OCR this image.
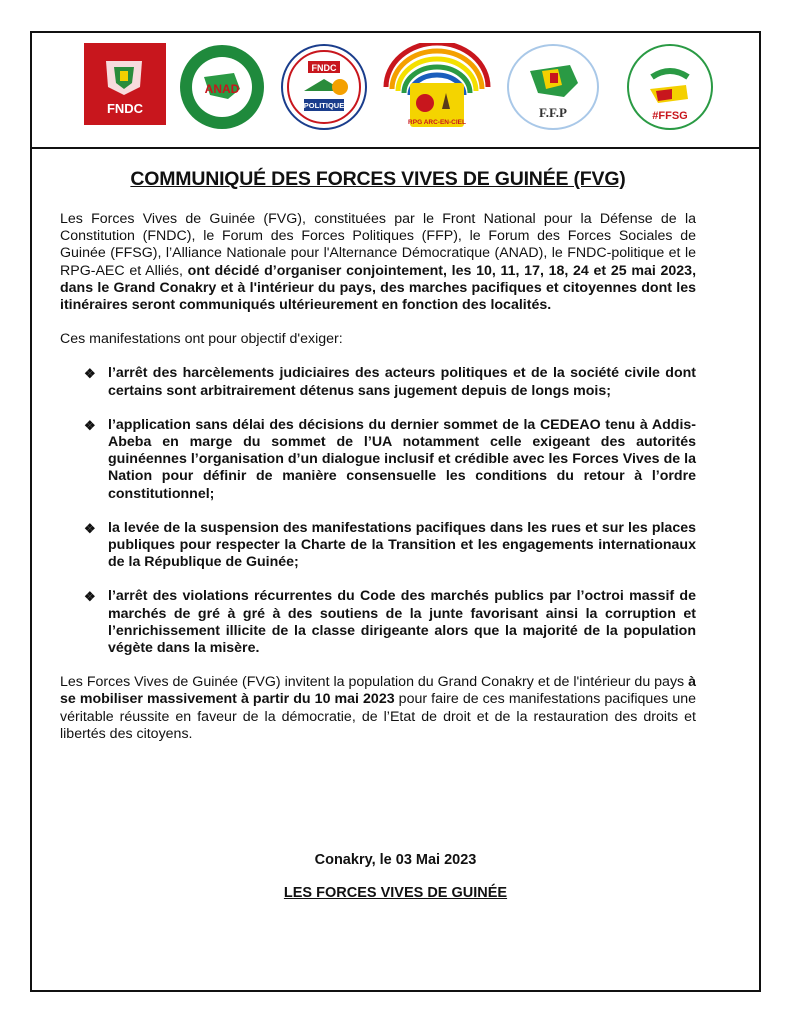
FNDC
ANAD
FNDC
POLITIQUE
RPG ARC-EN-CIEL
F.F.P	#FFSG
COMMUNIQUÉ DES FORCES VIVES DE GUINÉE (FVG)

Les Forces Vives de Guinée (FVG), constituées par le Front National pour la Défense de la Constitution (FNDC), le Forum des Forces Politiques (FFP), le Forum des Forces Sociales de Guinée (FFSG), l’Alliance Nationale pour l'Alternance Démocratique (ANAD), le FNDC-politique et le RPG-AEC et Alliés, ont décidé d’organiser conjointement, les 10, 11, 17, 18, 24 et 25 mai 2023, dans le Grand Conakry et à l'intérieur du pays, des marches pacifiques et citoyennes dont les itinéraires seront communiqués ultérieurement en fonction des localités.

Ces manifestations ont pour objectif d'exiger:

❖ l’arrêt des harcèlements judiciaires des acteurs politiques et de la société civile dont certains sont arbitrairement détenus sans jugement depuis de longs mois;
❖ l’application sans délai des décisions du dernier sommet de la CEDEAO tenu à Addis-Abeba en marge du sommet de l’UA notamment celle exigeant des autorités guinéennes l’organisation d’un dialogue inclusif et crédible avec les Forces Vives de la Nation pour définir de manière consensuelle les conditions du retour à l’ordre constitutionnel;
❖ la levée de la suspension des manifestations pacifiques dans les rues et sur les places publiques pour respecter la Charte de la Transition et les engagements internationaux de la République de Guinée;
❖ l’arrêt des violations récurrentes du Code des marchés publics par l’octroi massif de marchés de gré à gré à des soutiens de la junte favorisant ainsi la corruption et l’enrichissement illicite de la classe dirigeante alors que la majorité de la population végète dans la misère.

Les Forces Vives de Guinée (FVG) invitent la population du Grand Conakry et de l'intérieur du pays à se mobiliser massivement à partir du 10 mai 2023 pour faire de ces manifestations pacifiques une véritable réussite en faveur de la démocratie, de l’Etat de droit et de la restauration des droits et libertés des citoyens.

Conakry, le 03 Mai 2023
LES FORCES VIVES DE GUINÉE
